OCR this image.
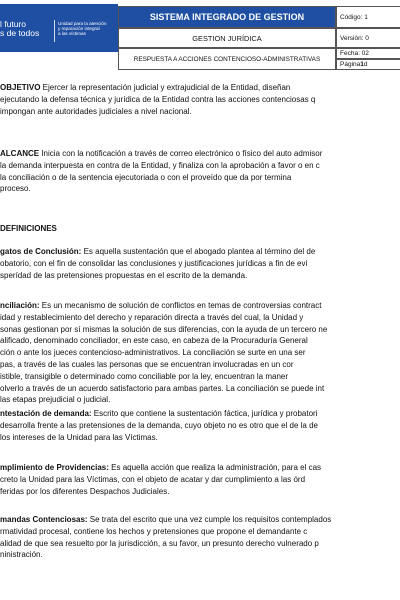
l futuro
s de todos
Unidad para la atención
y reparación integral
a las víctimas
SISTEMA INTEGRADO DE GESTION
GESTION JURÍDICA
RESPUESTA A ACCIONES CONTENCIOSO-ADMINISTRATIVAS
Código: 1
Versión: 0
Fecha: 02
Página 1 d
OBJETIVO Ejercer la representación judicial y extrajudicial de la Entidad, diseñan
ejecutando la defensa técnica y jurídica de la Entidad contra las acciones contenciosas q
impongan ante autoridades judiciales a nivel nacional.
ALCANCE Inicia con la notificación a través de correo electrónico o físico del auto admisor
la demanda interpuesta en contra de la Entidad, y finaliza con la aprobación a favor o en c
la conciliación o de la sentencia ejecutoriada o con el proveído que da por termina
proceso.
DEFINICIONES
gatos de Conclusión: Es aquella sustentación que el abogado plantea al término del de
obatorio, con el fin de consolidar las conclusiones y justificaciones jurídicas a fin de evi
sperídad de las pretensiones propuestas en el escrito de la demanda.
nciliación: Es un mecanismo de solución de conflictos en temas de controversias contract
idad y restablecimiento del derecho y reparación directa a través del cual, la Unidad y
sonas gestionan por sí mismas la solución de sus diferencias, con la ayuda de un tercero ne
alificado, denominado conciliador, en este caso, en cabeza de la Procuraduría General
ción o ante los jueces contencioso-administrativos. La conciliación se surte en una ser
pas, a través de las cuales las personas que se encuentran involucradas en un cor
istible, transigible o determinado como conciliable por la ley, encuentran la maner
olverlo a través de un acuerdo satisfactorio para ambas partes. La conciliación se puede int
las etapas prejudicial o judicial.
ntestación de demanda: Escrito que contiene la sustentación fáctica, jurídica y probatori
desarrolla frente a las pretensiones de la demanda, cuyo objeto no es otro que el de la de
los intereses de la Unidad para las Víctimas.
mplimiento de Providencias: Es aquella acción que realiza la administración, para el cas
creto la Unidad para las Víctimas, con el objeto de acatar y dar cumplimiento a las órd
feridas por los diferentes Despachos Judiciales.
mandas Contenciosas: Se trata del escrito que una vez cumple los requisitos contemplados
rmatividad procesal, contiene los hechos y pretensiones que propone el demandante c
alidad de que sea resuelto por la jurisdicción, a su favor, un presunto derecho vulnerado p
ninistración.
